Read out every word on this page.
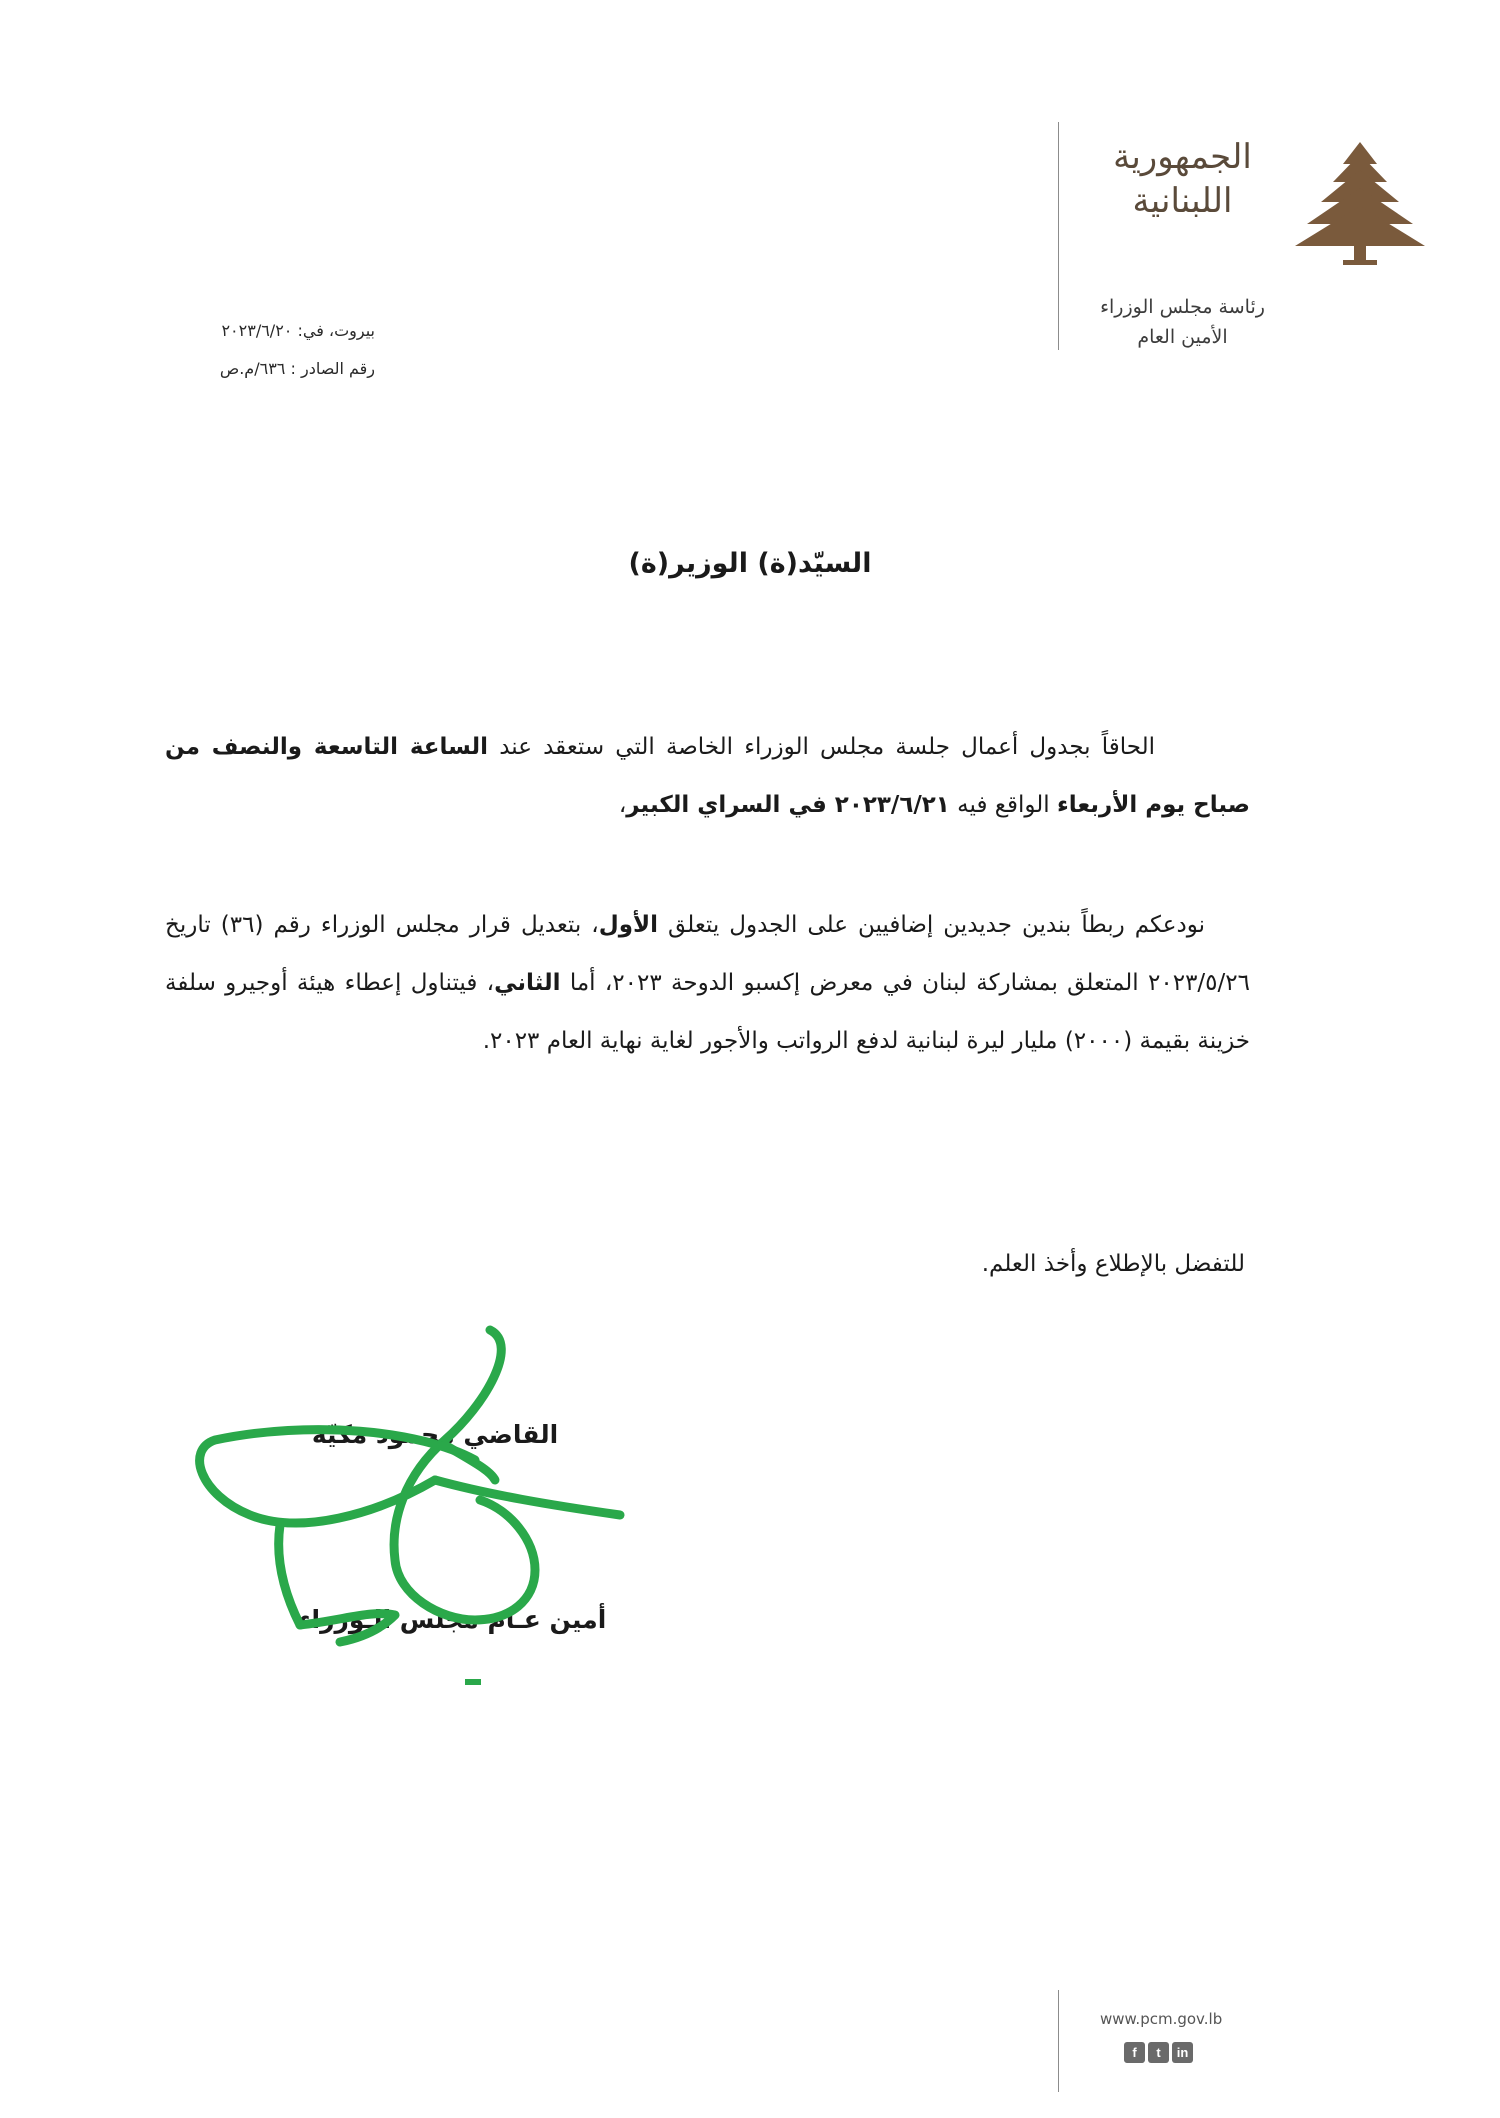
الجمهورية
اللبنانية
رئاسة مجلس الوزراء
الأمين العام
بيروت، في: ٢٠٢٣/٦/٢٠
رقم الصادر : ٦٣٦/م.ص
السيّد(ة) الوزير(ة)

الحاقاً بجدول أعمال جلسة مجلس الوزراء الخاصة التي ستعقد عند الساعة التاسعة والنصف من صباح يوم الأربعاء الواقع فيه ٢٠٢٣/٦/٢١ في السراي الكبير،

نودعكم ربطاً بندين جديدين إضافيين على الجدول يتعلق الأول، بتعديل قرار مجلس الوزراء رقم (٣٦) تاريخ ٢٠٢٣/٥/٢٦ المتعلق بمشاركة لبنان في معرض إكسبو الدوحة ٢٠٢٣، أما الثاني، فيتناول إعطاء هيئة أوجيرو سلفة خزينة بقيمة (٢٠٠٠) مليار ليرة لبنانية لدفع الرواتب والأجور لغاية نهاية العام ٢٠٢٣.

للتفضل بالإطلاع وأخذ العلم.
القاضي محمود مكيّه
أمين عـام مجلس الـوزراء
www.pcm.gov.lb
f	t	in
